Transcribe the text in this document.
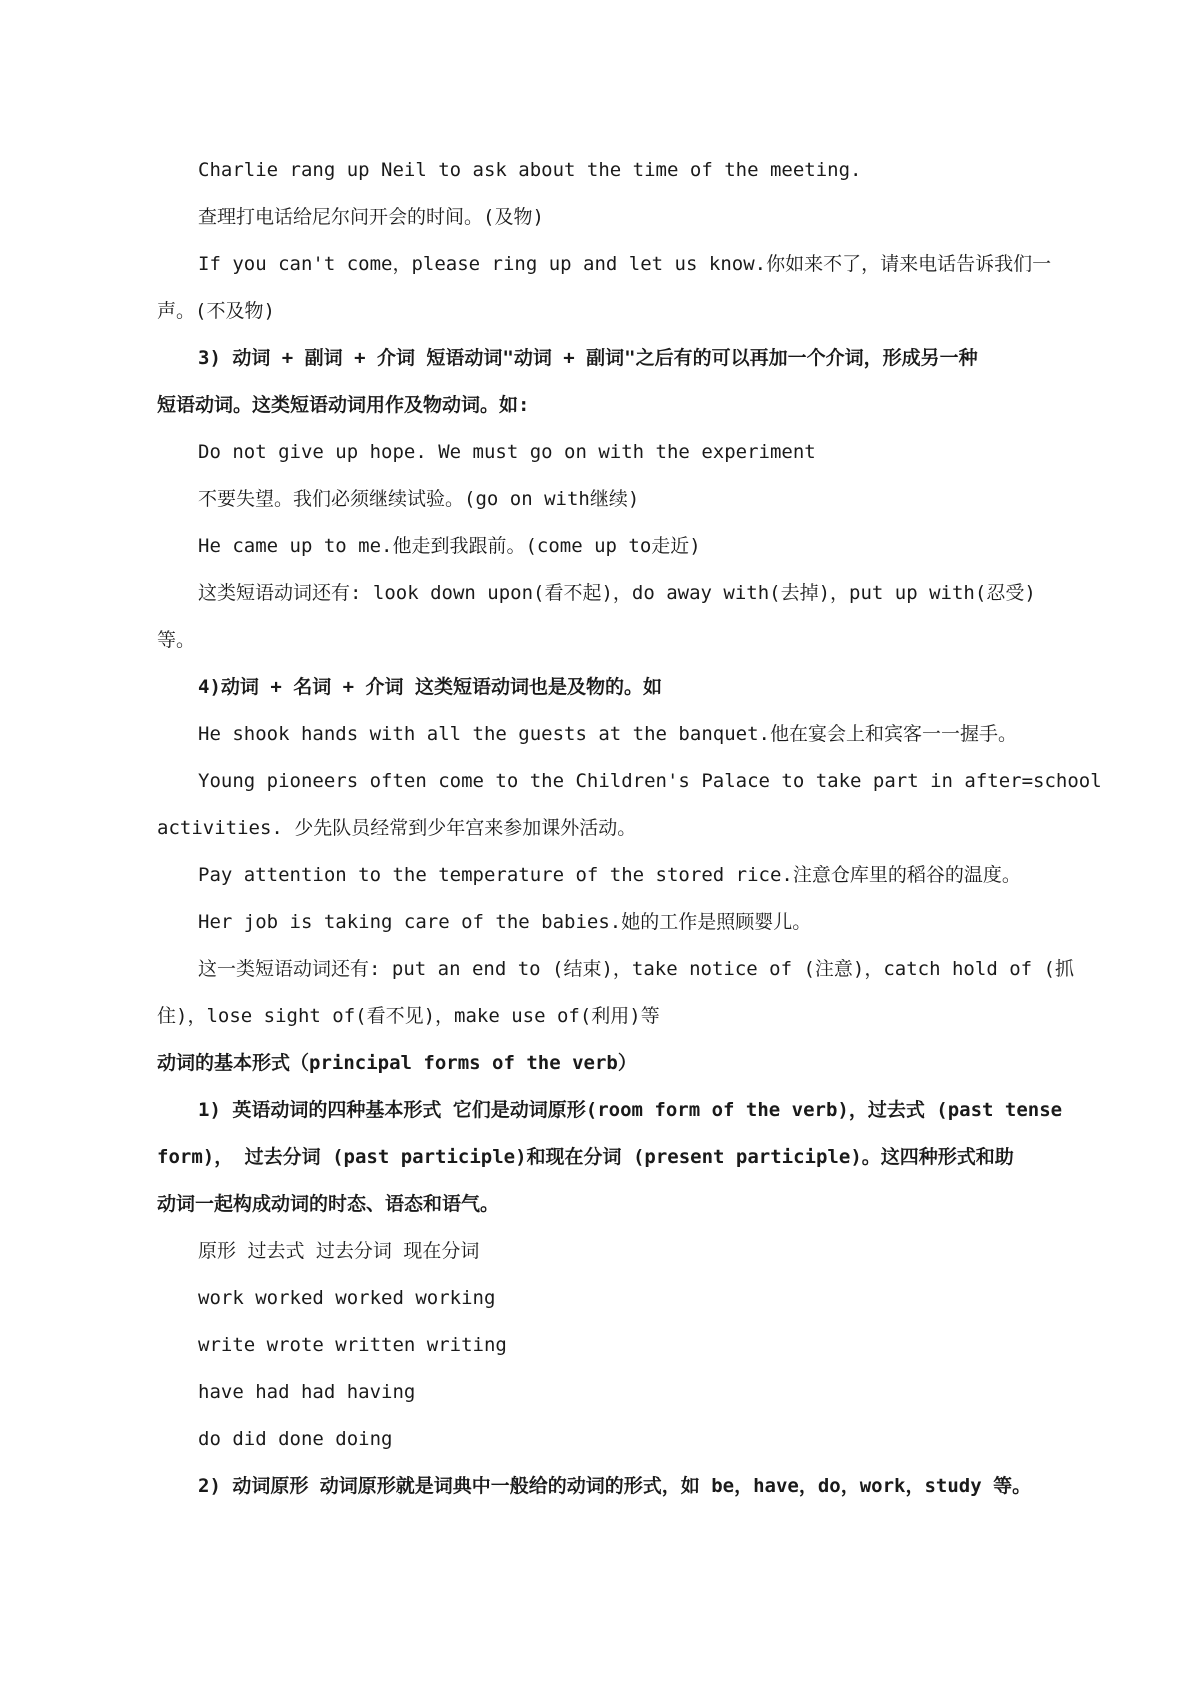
Charlie rang up Neil to ask about the time of the meeting.
查理打电话给尼尔问开会的时间。(及物)
If you can't come，please ring up and let us know.你如来不了，请来电话告诉我们一
声。(不及物)
3) 动词 + 副词 + 介词 短语动词"动词 + 副词"之后有的可以再加一个介词，形成另一种
短语动词。这类短语动词用作及物动词。如:
Do not give up hope. We must go on with the experiment
不要失望。我们必须继续试验。(go on with继续)
He came up to me.他走到我跟前。(come up to走近)
这类短语动词还有: look down upon(看不起)，do away with(去掉)，put up with(忍受)
等。
4)动词 + 名词 + 介词 这类短语动词也是及物的。如
He shook hands with all the guests at the banquet.他在宴会上和宾客一一握手。
Young pioneers often come to the Children's Palace to take part in after=school
activities. 少先队员经常到少年宫来参加课外活动。
Pay attention to the temperature of the stored rice.注意仓库里的稻谷的温度。
Her job is taking care of the babies.她的工作是照顾婴儿。
这一类短语动词还有: put an end to (结束)，take notice of (注意)，catch hold of (抓
住)，lose sight of(看不见)，make use of(利用)等
动词的基本形式（principal forms of the verb）
1) 英语动词的四种基本形式 它们是动词原形(room form of the verb)，过去式 (past tense
form)， 过去分词 (past participle)和现在分词 (present participle)。这四种形式和助
动词一起构成动词的时态、语态和语气。
原形 过去式 过去分词 现在分词
work worked worked working
write wrote written writing
have had had having
do did done doing
2) 动词原形 动词原形就是词典中一般给的动词的形式，如 be，have，do，work，study 等。
